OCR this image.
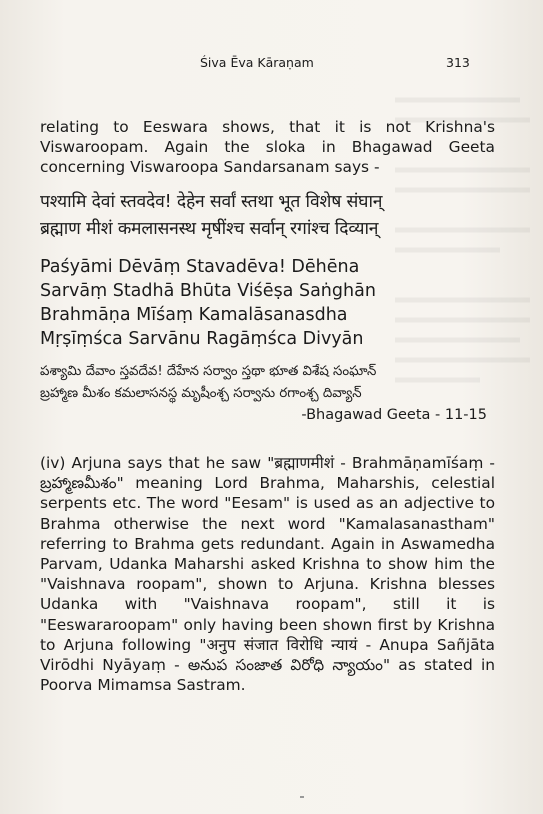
Śiva Ēva Kāraṇam	313

relating to Eeswara shows, that it is not Krishna's Viswaroopam. Again the sloka in Bhagawad Geeta concerning Viswaroopa Sandarsanam says -

पश्यामि देवां स्तवदेव! देहेन सर्वां स्तथा भूत विशेष संघान्
ब्रह्माण मीशं कमलासनस्थ मृषींश्च सर्वान् रगांश्च दिव्यान्
Paśyāmi Dēvāṃ Stavadēva! Dēhēna
Sarvāṃ Stadhā Bhūta Viśēṣa Saṅghān
Brahmāṇa Mīśaṃ Kamalāsanasdha
Mṛṣīṃśca Sarvānu Ragāṃśca Divyān
పశ్యామి దేవాం స్తవదేవ! దేహేన సర్వాం స్తథా భూత విశేష సంఘాన్
బ్రహ్మాణ మీశం కమలాసనస్థ మృషీంశ్చ సర్వాను రగాంశ్చ దివ్యాన్

-Bhagawad Geeta - 11-15

(iv) Arjuna says that he saw "ब्रह्माणमीशं - Brahmāṇamīśaṃ - బ్రహ్మాణమీశం" meaning Lord Brahma, Maharshis, celestial serpents etc. The word "Eesam" is used as an adjective to Brahma otherwise the next word "Kamalasanastham" referring to Brahma gets redundant. Again in Aswamedha Parvam, Udanka Maharshi asked Krishna to show him the "Vaishnava roopam", shown to Arjuna. Krishna blesses Udanka with "Vaishnava roopam", still it is "Eeswararoopam" only having been shown first by Krishna to Arjuna following "अनुप संजात विरोधि न्यायं - Anupa Sañjāta Virōdhi Nyāyaṃ - అనుప సంజాత విరోధి న్యాయం" as stated in Poorva Mimamsa Sastram.
